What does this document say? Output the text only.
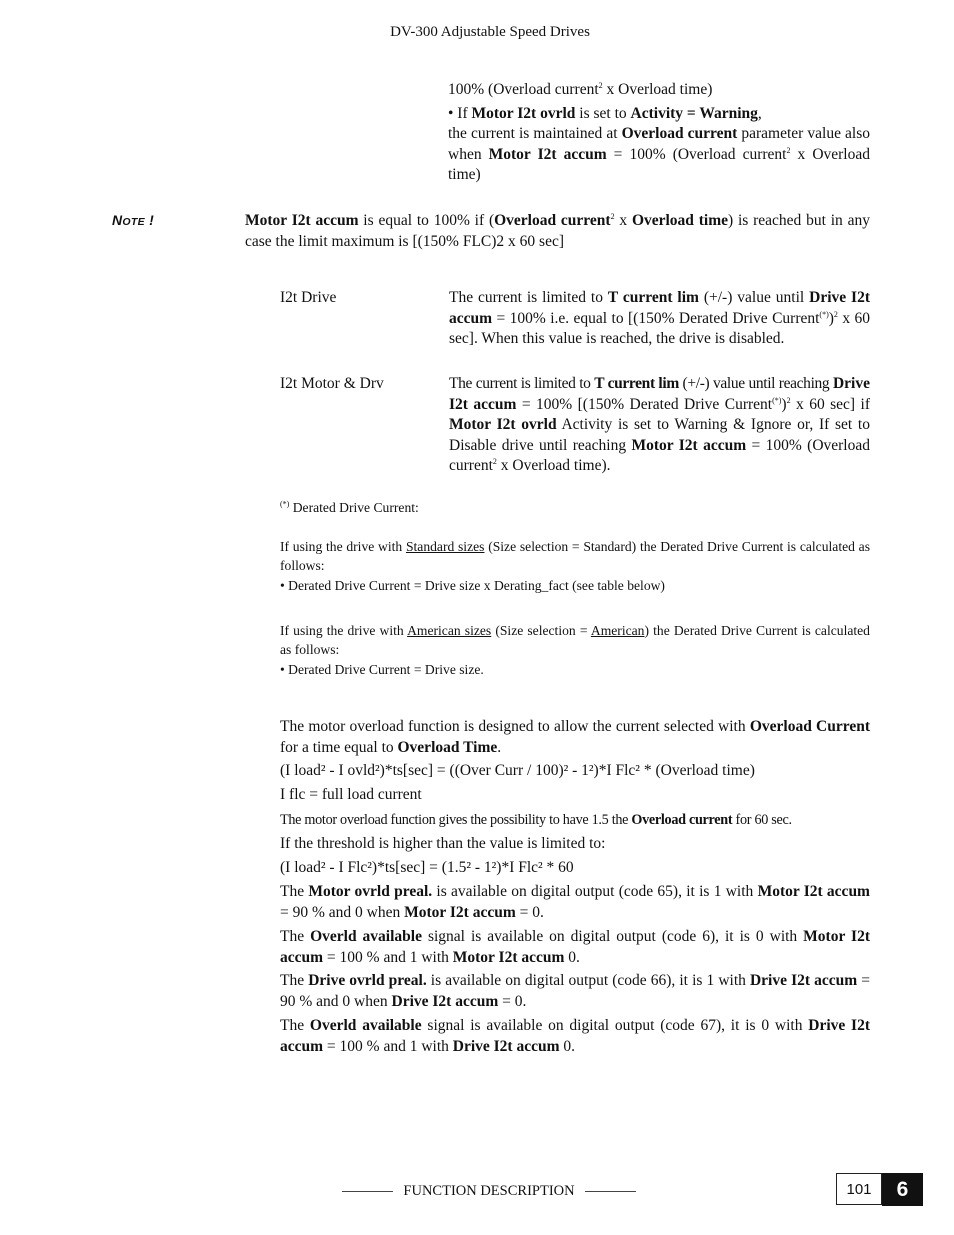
DV-300 Adjustable Speed Drives
100% (Overload current$^2$ x Overload time)
• If Motor I2t ovrld is set to Activity = Warning,
the current is maintained at Overload current parameter value also when Motor I2t accum = 100% (Overload current$^2$ x Overload time)
NOTE !	Motor I2t accum is equal to 100% if (Overload current$^2$ x Overload time) is reached but in any case the limit maximum is [(150% FLC)2 x 60 sec]
I2t Drive	The current is limited to T current lim (+/-) value until Drive I2t accum = 100% i.e. equal to [(150% Derated Drive Current(*))$^2$ x 60 sec]. When this value is reached, the drive is disabled.
I2t Motor & Drv	The current is limited to T current lim (+/-) value until reaching Drive I2t accum = 100% [(150% Derated Drive Current(*))$^2$ x 60 sec] if Motor I2t ovrld Activity is set to Warning & Ignore or, If set to Disable drive until reaching Motor I2t accum = 100% (Overload current$^2$ x Overload time).
(*) Derated Drive Current:
If using the drive with Standard sizes (Size selection = Standard) the Derated Drive Current is calculated as follows:
• Derated Drive Current = Drive size x Derating_fact (see table below)
If using the drive with American sizes (Size selection = American) the Derated Drive Current is calculated as follows:
• Derated Drive Current = Drive size.
The motor overload function is designed to allow the current selected with Overload Current for a time equal to Overload Time.
(I load² - I ovld²)*ts[sec] = ((Over Curr / 100)² - 1²)*I Flc² * (Overload time)
I flc = full load current
The motor overload function gives the possibility to have 1.5 the Overload current for 60 sec.
If the threshold is higher than the value is limited to:
(I load² - I Flc²)*ts[sec] = (1.5² - 1²)*I Flc² * 60
The Motor ovrld preal. is available on digital output (code 65), it is 1 with Motor I2t accum = 90 % and 0 when Motor I2t accum = 0.
The Overld available signal is available on digital output (code 6), it is 0 with Motor I2t accum = 100 % and 1 with Motor I2t accum 0.
The Drive ovrld preal. is available on digital output (code 66), it is 1 with Drive I2t accum = 90 % and 0 when Drive I2t accum = 0.
The Overld available signal is available on digital output (code 67), it is 0 with Drive I2t accum = 100 % and 1 with Drive I2t accum 0.
FUNCTION DESCRIPTION	101	6
